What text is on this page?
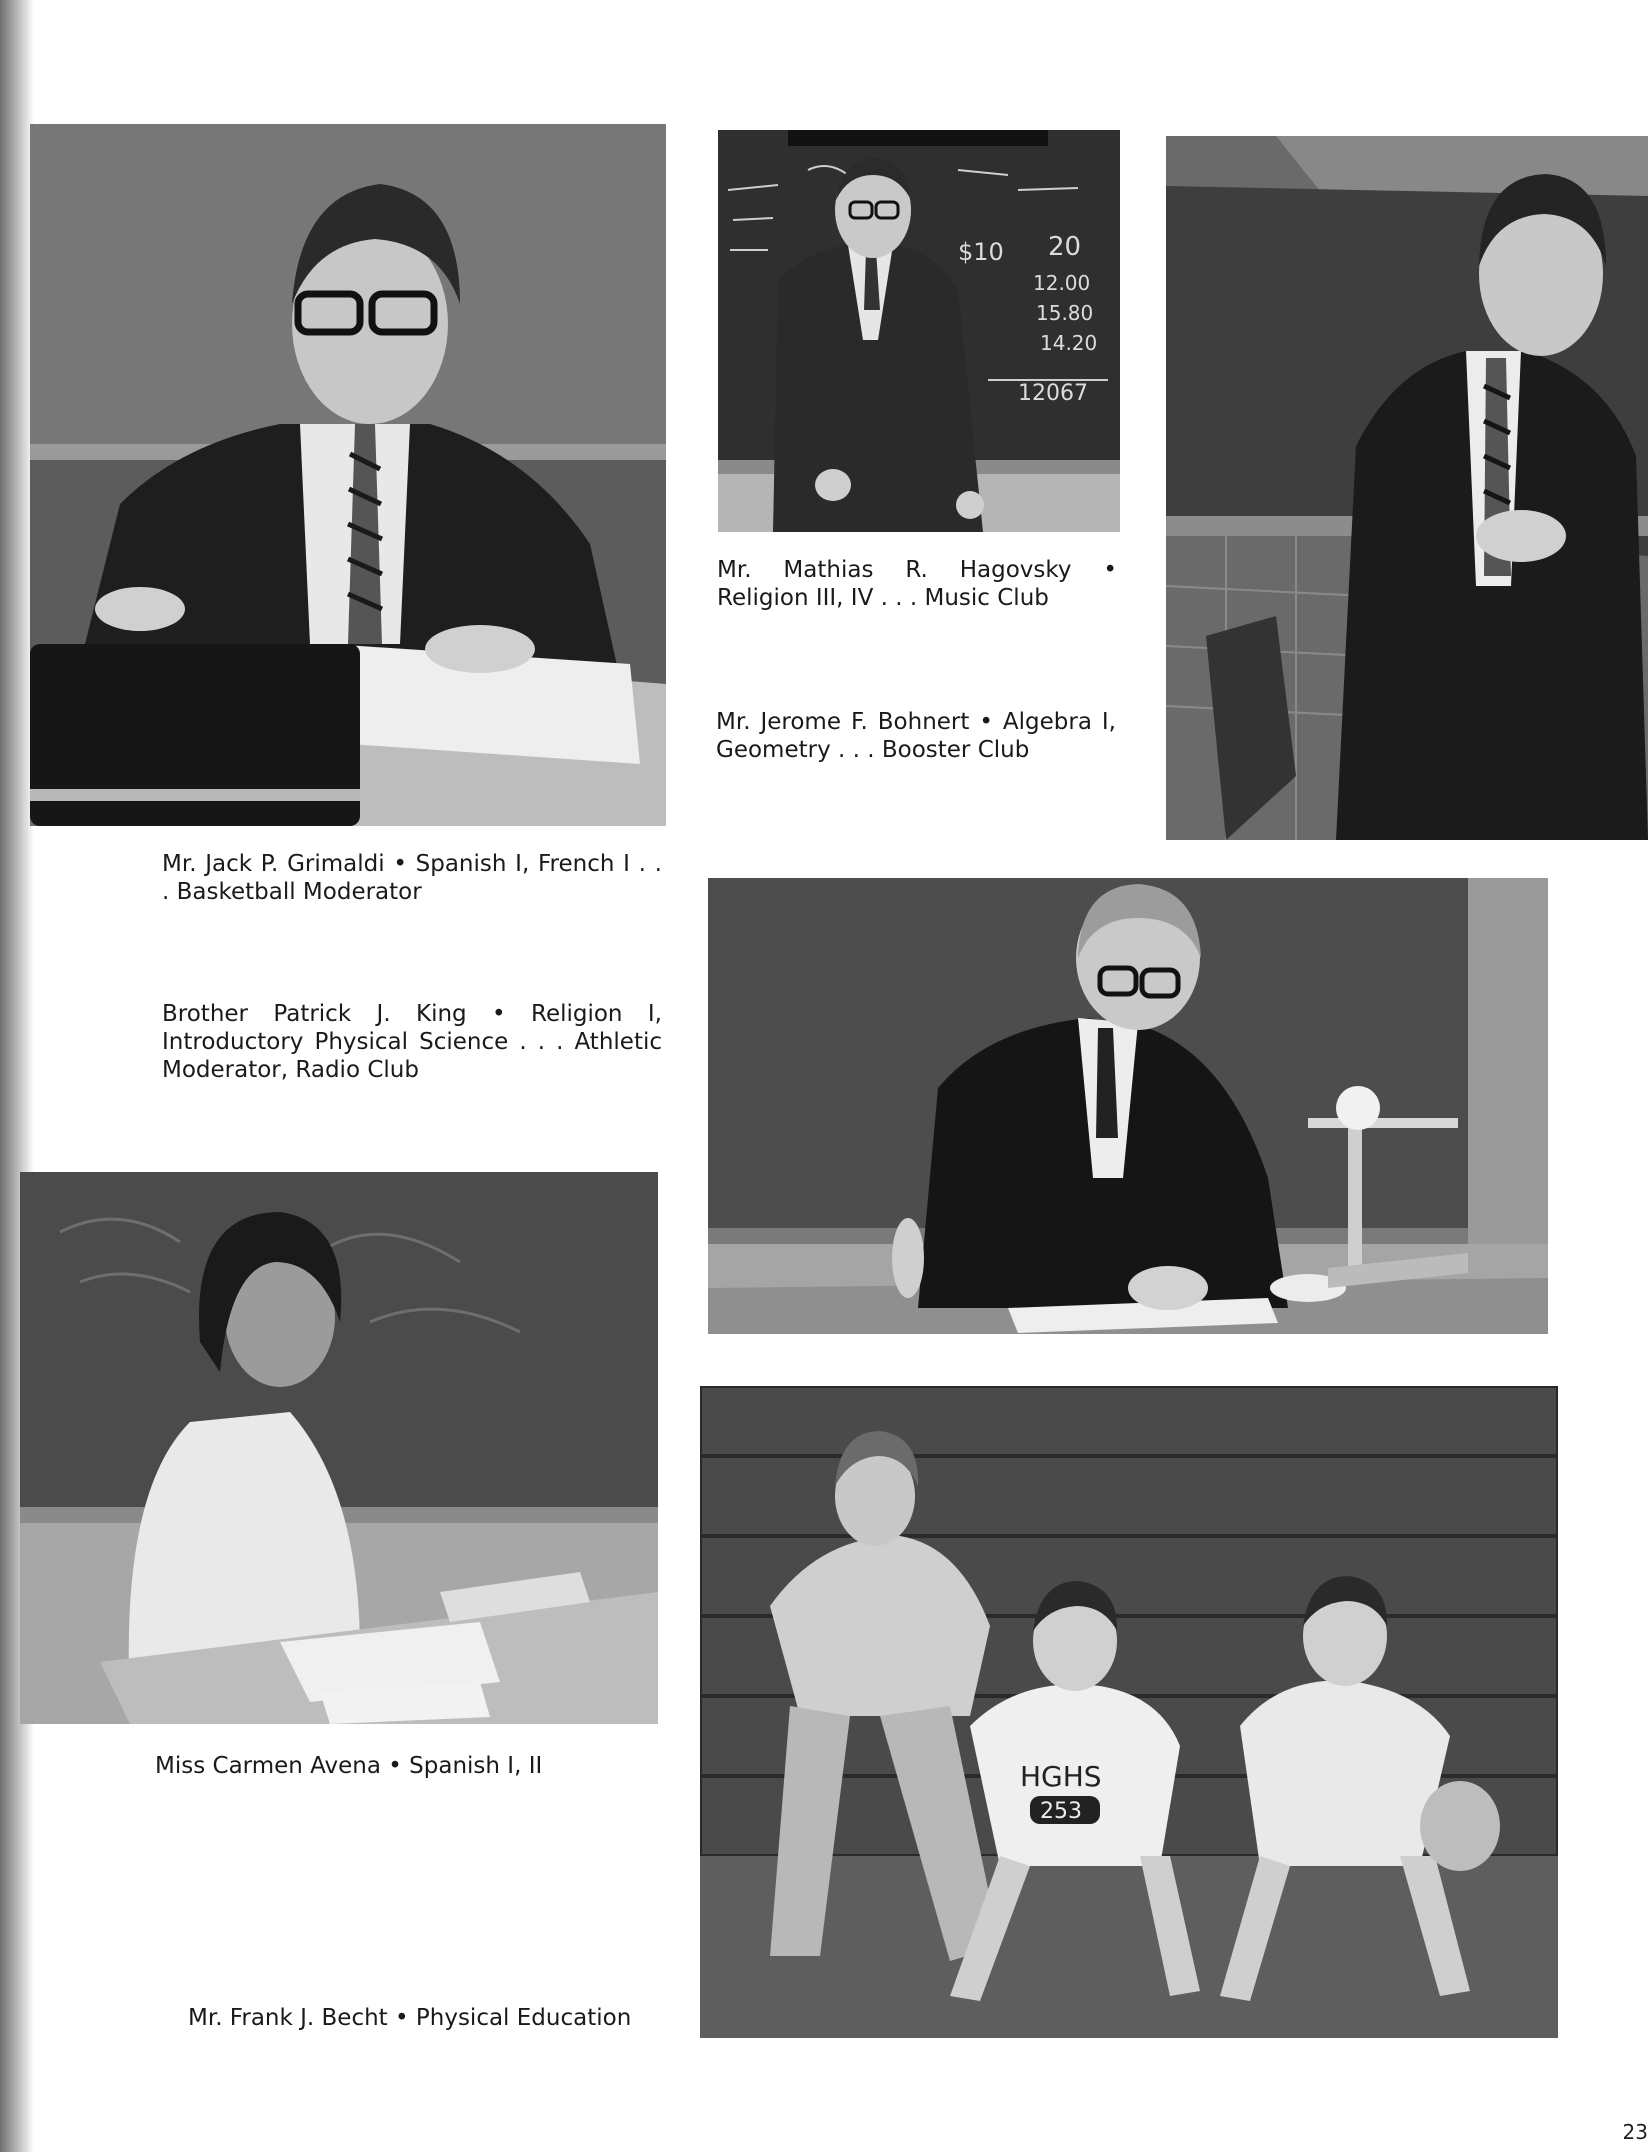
20
12.00
15.80
14.20
12067
$10
HGHS
253
Mr. Jack P. Grimaldi • Spanish I, French I . . . Basketball Moderator
Mr. Mathias R. Hagovsky • Religion III, IV . . . Music Club
Mr. Jerome F. Bohnert • Algebra I, Geometry . . . Booster Club
Brother Patrick J. King • Religion I, Introductory Physical Science . . . Athletic Moderator, Radio Club
Miss Carmen Avena • Spanish I, II
Mr. Frank J. Becht • Physical Education
23
